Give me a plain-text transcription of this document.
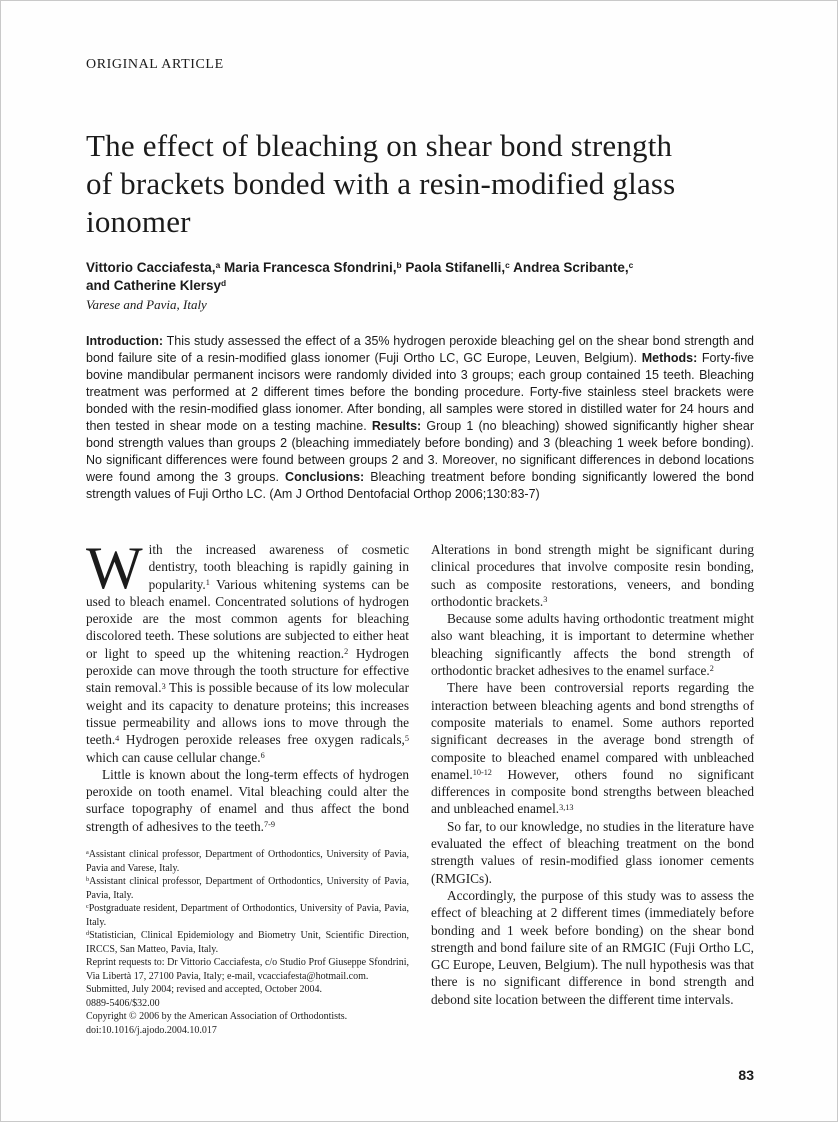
ORIGINAL ARTICLE
The effect of bleaching on shear bond strength of brackets bonded with a resin-modified glass ionomer
Vittorio Cacciafesta,$^a$ Maria Francesca Sfondrini,$^b$ Paola Stifanelli,$^c$ Andrea Scribante,$^c$
and Catherine Klersy$^d$
Varese and Pavia, Italy
Introduction: This study assessed the effect of a 35% hydrogen peroxide bleaching gel on the shear bond strength and bond failure site of a resin-modified glass ionomer (Fuji Ortho LC, GC Europe, Leuven, Belgium). Methods: Forty-five bovine mandibular permanent incisors were randomly divided into 3 groups; each group contained 15 teeth. Bleaching treatment was performed at 2 different times before the bonding procedure. Forty-five stainless steel brackets were bonded with the resin-modified glass ionomer. After bonding, all samples were stored in distilled water for 24 hours and then tested in shear mode on a testing machine. Results: Group 1 (no bleaching) showed significantly higher shear bond strength values than groups 2 (bleaching immediately before bonding) and 3 (bleaching 1 week before bonding). No significant differences were found between groups 2 and 3. Moreover, no significant differences in debond locations were found among the 3 groups. Conclusions: Bleaching treatment before bonding significantly lowered the bond strength values of Fuji Ortho LC. (Am J Orthod Dentofacial Orthop 2006;130:83-7)

With the increased awareness of cosmetic dentistry, tooth bleaching is rapidly gaining in popularity.$^1$ Various whitening systems can be used to bleach enamel. Concentrated solutions of hydrogen peroxide are the most common agents for bleaching discolored teeth. These solutions are subjected to either heat or light to speed up the whitening reaction.$^2$ Hydrogen peroxide can move through the tooth structure for effective stain removal.$^3$ This is possible because of its low molecular weight and its capacity to denature proteins; this increases tissue permeability and allows ions to move through the teeth.$^4$ Hydrogen peroxide releases free oxygen radicals,$^5$ which can cause cellular change.$^6$

Little is known about the long-term effects of hydrogen peroxide on tooth enamel. Vital bleaching could alter the surface topography of enamel and thus affect the bond strength of adhesives to the teeth.$^{7-9}$

$^a$Assistant clinical professor, Department of Orthodontics, University of Pavia, Pavia and Varese, Italy.
$^b$Assistant clinical professor, Department of Orthodontics, University of Pavia, Pavia, Italy.
$^c$Postgraduate resident, Department of Orthodontics, University of Pavia, Pavia, Italy.
$^d$Statistician, Clinical Epidemiology and Biometry Unit, Scientific Direction, IRCCS, San Matteo, Pavia, Italy.
Reprint requests to: Dr Vittorio Cacciafesta, c/o Studio Prof Giuseppe Sfondrini, Via Libertà 17, 27100 Pavia, Italy; e-mail, vcacciafesta@hotmail.com.
Submitted, July 2004; revised and accepted, October 2004.
0889-5406/$32.00
Copyright © 2006 by the American Association of Orthodontists.
doi:10.1016/j.ajodo.2004.10.017

Alterations in bond strength might be significant during clinical procedures that involve composite resin bonding, such as composite restorations, veneers, and bonding orthodontic brackets.$^3$

Because some adults having orthodontic treatment might also want bleaching, it is important to determine whether bleaching significantly affects the bond strength of orthodontic bracket adhesives to the enamel surface.$^2$

There have been controversial reports regarding the interaction between bleaching agents and bond strengths of composite materials to enamel. Some authors reported significant decreases in the average bond strength of composite to bleached enamel compared with unbleached enamel.$^{10-12}$ However, others found no significant differences in composite bond strengths between bleached and unbleached enamel.$^{3,13}$

So far, to our knowledge, no studies in the literature have evaluated the effect of bleaching treatment on the bond strength values of resin-modified glass ionomer cements (RMGICs).

Accordingly, the purpose of this study was to assess the effect of bleaching at 2 different times (immediately before bonding and 1 week before bonding) on the shear bond strength and bond failure site of an RMGIC (Fuji Ortho LC, GC Europe, Leuven, Belgium). The null hypothesis was that there is no significant difference in bond strength and debond site location between the different time intervals.

83
